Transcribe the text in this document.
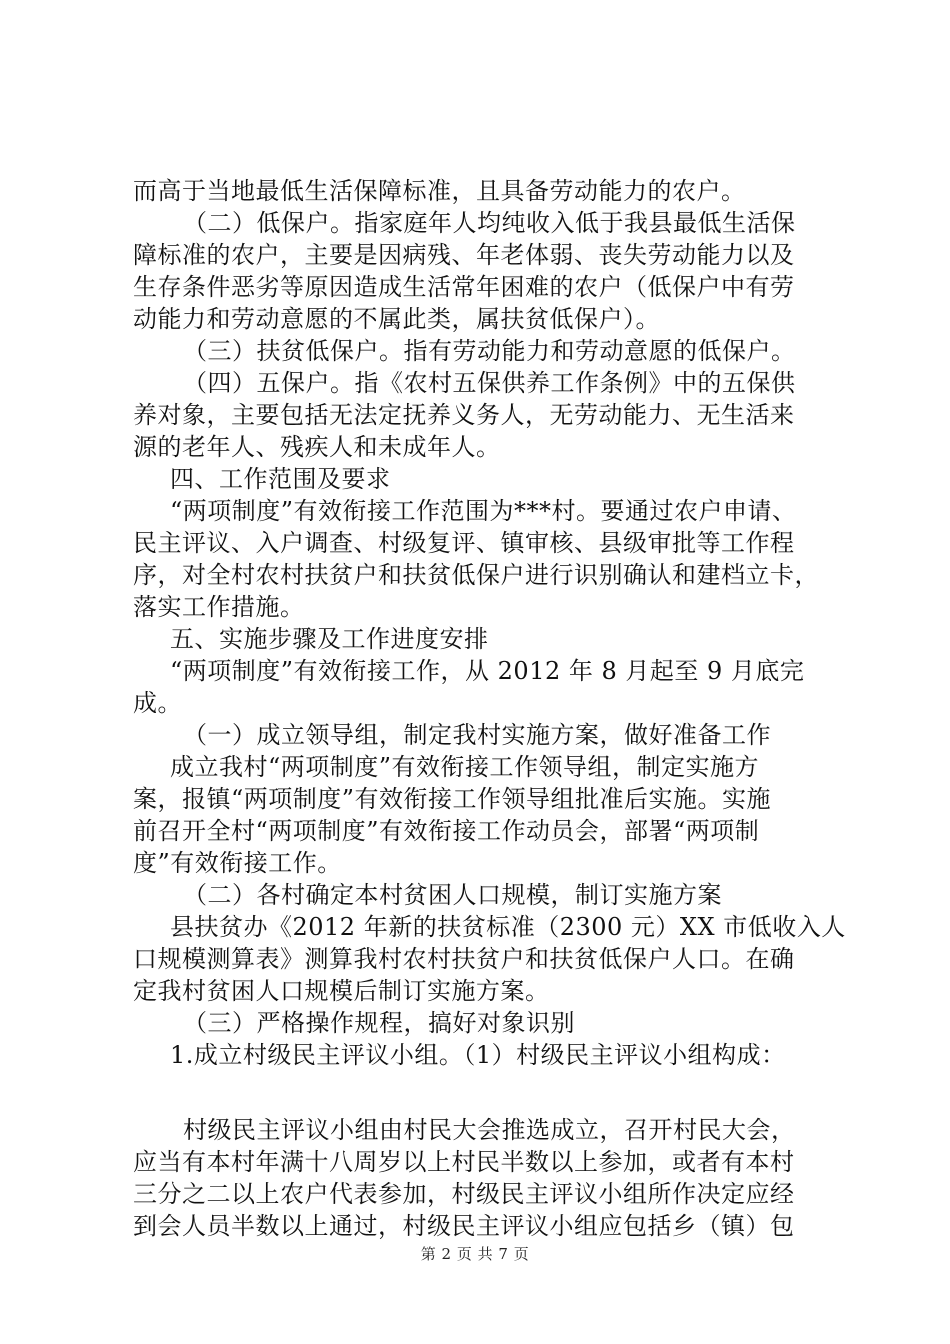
而高于当地最低生活保障标准，且具备劳动能力的农户。
（二）低保户。指家庭年人均纯收入低于我县最低生活保
障标准的农户，主要是因病残、年老体弱、丧失劳动能力以及
生存条件恶劣等原因造成生活常年困难的农户（低保户中有劳
动能力和劳动意愿的不属此类，属扶贫低保户）。
（三）扶贫低保户。指有劳动能力和劳动意愿的低保户。
（四）五保户。指《农村五保供养工作条例》中的五保供
养对象，主要包括无法定抚养义务人，无劳动能力、无生活来
源的老年人、残疾人和未成年人。
四、工作范围及要求
“两项制度”有效衔接工作范围为***村。要通过农户申请、
民主评议、入户调查、村级复评、镇审核、县级审批等工作程
序，对全村农村扶贫户和扶贫低保户进行识别确认和建档立卡，
落实工作措施。
五、实施步骤及工作进度安排
“两项制度”有效衔接工作，从 2012 年 8 月起至 9 月底完
成。
（一）成立领导组，制定我村实施方案，做好准备工作
成立我村“两项制度”有效衔接工作领导组，制定实施方
案，报镇“两项制度”有效衔接工作领导组批准后实施。实施
前召开全村“两项制度”有效衔接工作动员会，部署“两项制
度”有效衔接工作。
（二）各村确定本村贫困人口规模，制订实施方案
县扶贫办《2012 年新的扶贫标准（2300 元）XX 市低收入人
口规模测算表》测算我村农村扶贫户和扶贫低保户人口。在确
定我村贫困人口规模后制订实施方案。
（三）严格操作规程，搞好对象识别
1.成立村级民主评议小组。（1）村级民主评议小组构成：
村级民主评议小组由村民大会推选成立，召开村民大会，
应当有本村年满十八周岁以上村民半数以上参加，或者有本村
三分之二以上农户代表参加，村级民主评议小组所作决定应经
到会人员半数以上通过，村级民主评议小组应包括乡（镇）包
第 2 页 共 7 页
